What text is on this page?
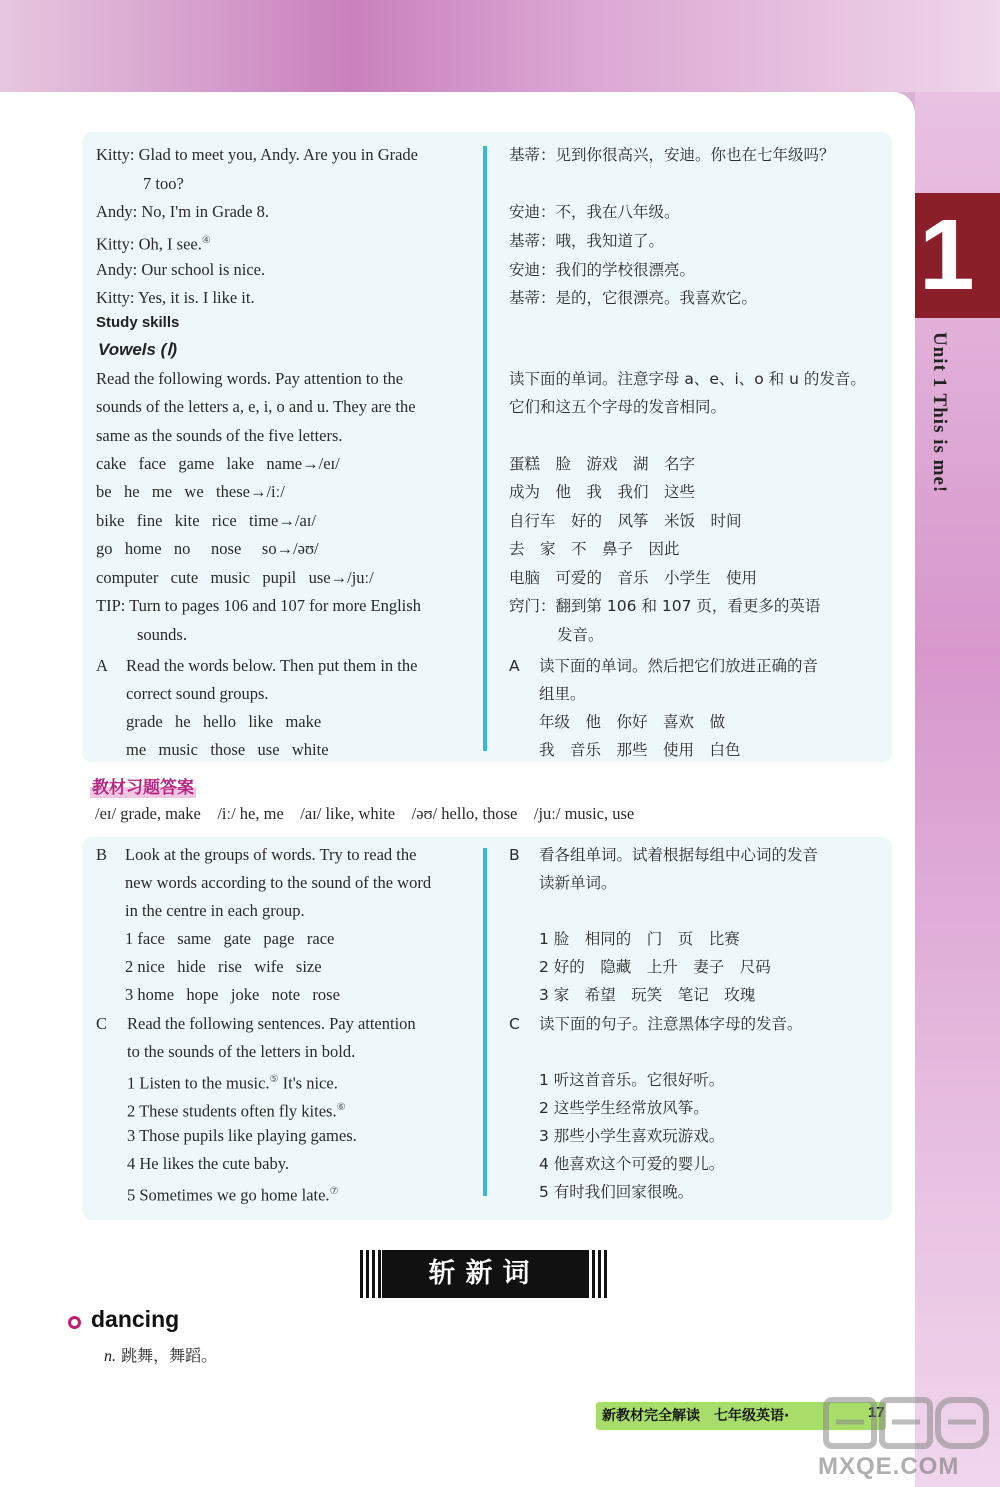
Kitty: Glad to meet you, Andy. Are you in Grade
7 too?
Andy: No, I'm in Grade 8.
Kitty: Oh, I see.④
Andy: Our school is nice.
Kitty: Yes, it is. I like it.
基蒂：见到你很高兴，安迪。你也在七年级吗？
安迪：不，我在八年级。
基蒂：哦，我知道了。
安迪：我们的学校很漂亮。
基蒂：是的，它很漂亮。我喜欢它。
Study skills
Vowels (Ⅰ)
Read the following words. Pay attention to the
sounds of the letters a, e, i, o and u. They are the
same as the sounds of the five letters.
读下面的单词。注意字母 a、e、i、o 和 u 的发音。
它们和这五个字母的发音相同。
cake   face   game   lake   name→/eɪ/
be   he   me   we   these→/iː/
bike   fine   kite   rice   time→/aɪ/
go   home   no     nose     so→/əʊ/
computer   cute   music   pupil   use→/juː/
蛋糕　脸　游戏　湖　名字
成为　他　我　我们　这些
自行车　好的　风筝　米饭　时间
去　家　不　鼻子　因此
电脑　可爱的　音乐　小学生　使用
TIP: Turn to pages 106 and 107 for more English
sounds.
窍门：翻到第 106 和 107 页，看更多的英语
发音。
A Read the words below. Then put them in the
correct sound groups.
grade   he   hello   like   make
me   music   those   use   white
A 读下面的单词。然后把它们放进正确的音
组里。
年级　他　你好　喜欢　做
我　音乐　那些　使用　白色
教材习题答案
/eɪ/ grade, make    /iː/ he, me    /aɪ/ like, white    /əʊ/ hello, those    /juː/ music, use
B Look at the groups of words. Try to read the
new words according to the sound of the word
in the centre in each group.
1 face   same   gate   page   race
2 nice   hide   rise   wife   size
3 home   hope   joke   note   rose
B 看各组单词。试着根据每组中心词的发音
读新单词。
1 脸　相同的　门　页　比赛
2 好的　隐藏　上升　妻子　尺码
3 家　希望　玩笑　笔记　玫瑰
C Read the following sentences. Pay attention
to the sounds of the letters in bold.
1 Listen to the music.⑤ It's nice.
2 These students often fly kites.⑥
3 Those pupils like playing games.
4 He likes the cute baby.
5 Sometimes we go home late.⑦
C 读下面的句子。注意黑体字母的发音。
1 听这首音乐。它很好听。
2 这些学生经常放风筝。
3 那些小学生喜欢玩游戏。
4 他喜欢这个可爱的婴儿。
5 有时我们回家很晚。
1
Unit 1 This is me!
斩新词
dancing
n. 跳舞，舞蹈。
新教材完全解读　七年级英语·	17
MXQE.COM
